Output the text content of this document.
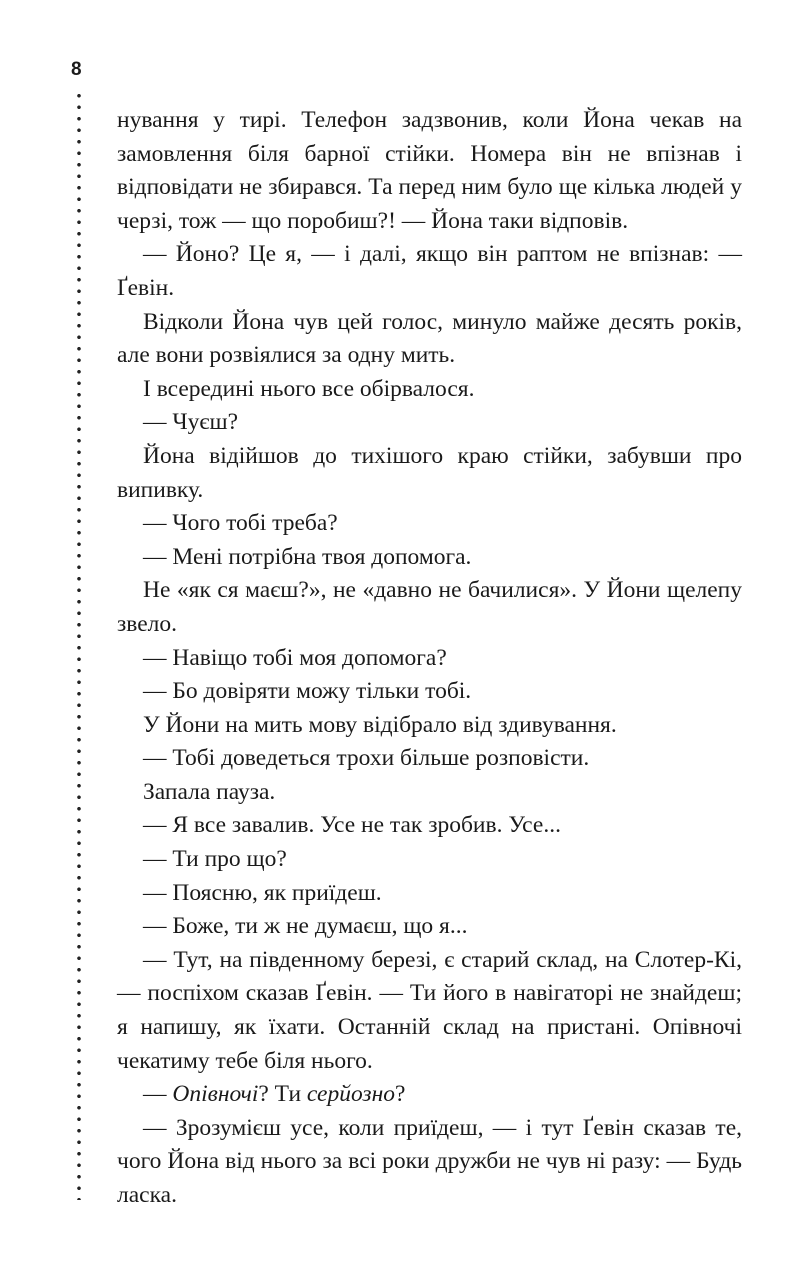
8

нування у тирі. Телефон задзвонив, коли Йона чекав на замовлення біля барної стійки. Номера він не впізнав і відповідати не збирався. Та перед ним було ще кілька людей у черзі, тож — що поробиш?! — Йона таки відповів.

— Йоно? Це я, — і далі, якщо він раптом не впізнав: — Ґевін.

Відколи Йона чув цей голос, минуло майже десять років, але вони розвіялися за одну мить.

І всередині нього все обірвалося.

— Чуєш?

Йона відійшов до тихішого краю стійки, забувши про випивку.

— Чого тобі треба?

— Мені потрібна твоя допомога.

Не «як ся маєш?», не «давно не бачилися». У Йони щелепу звело.

— Навіщо тобі моя допомога?

— Бо довіряти можу тільки тобі.

У Йони на мить мову відібрало від здивування.

— Тобі доведеться трохи більше розповісти.

Запала пауза.

— Я все завалив. Усе не так зробив. Усе...

— Ти про що?

— Поясню, як приїдеш.

— Боже, ти ж не думаєш, що я...

— Тут, на південному березі, є старий склад, на Слотер-Кі, — поспіхом сказав Ґевін. — Ти його в навігаторі не знайдеш; я напишу, як їхати. Останній склад на пристані. Опівночі чекатиму тебе біля нього.

— Опівночі? Ти серйозно?

— Зрозумієш усе, коли приїдеш, — і тут Ґевін сказав те, чого Йона від нього за всі роки дружби не чув ні разу: — Будь ласка.
